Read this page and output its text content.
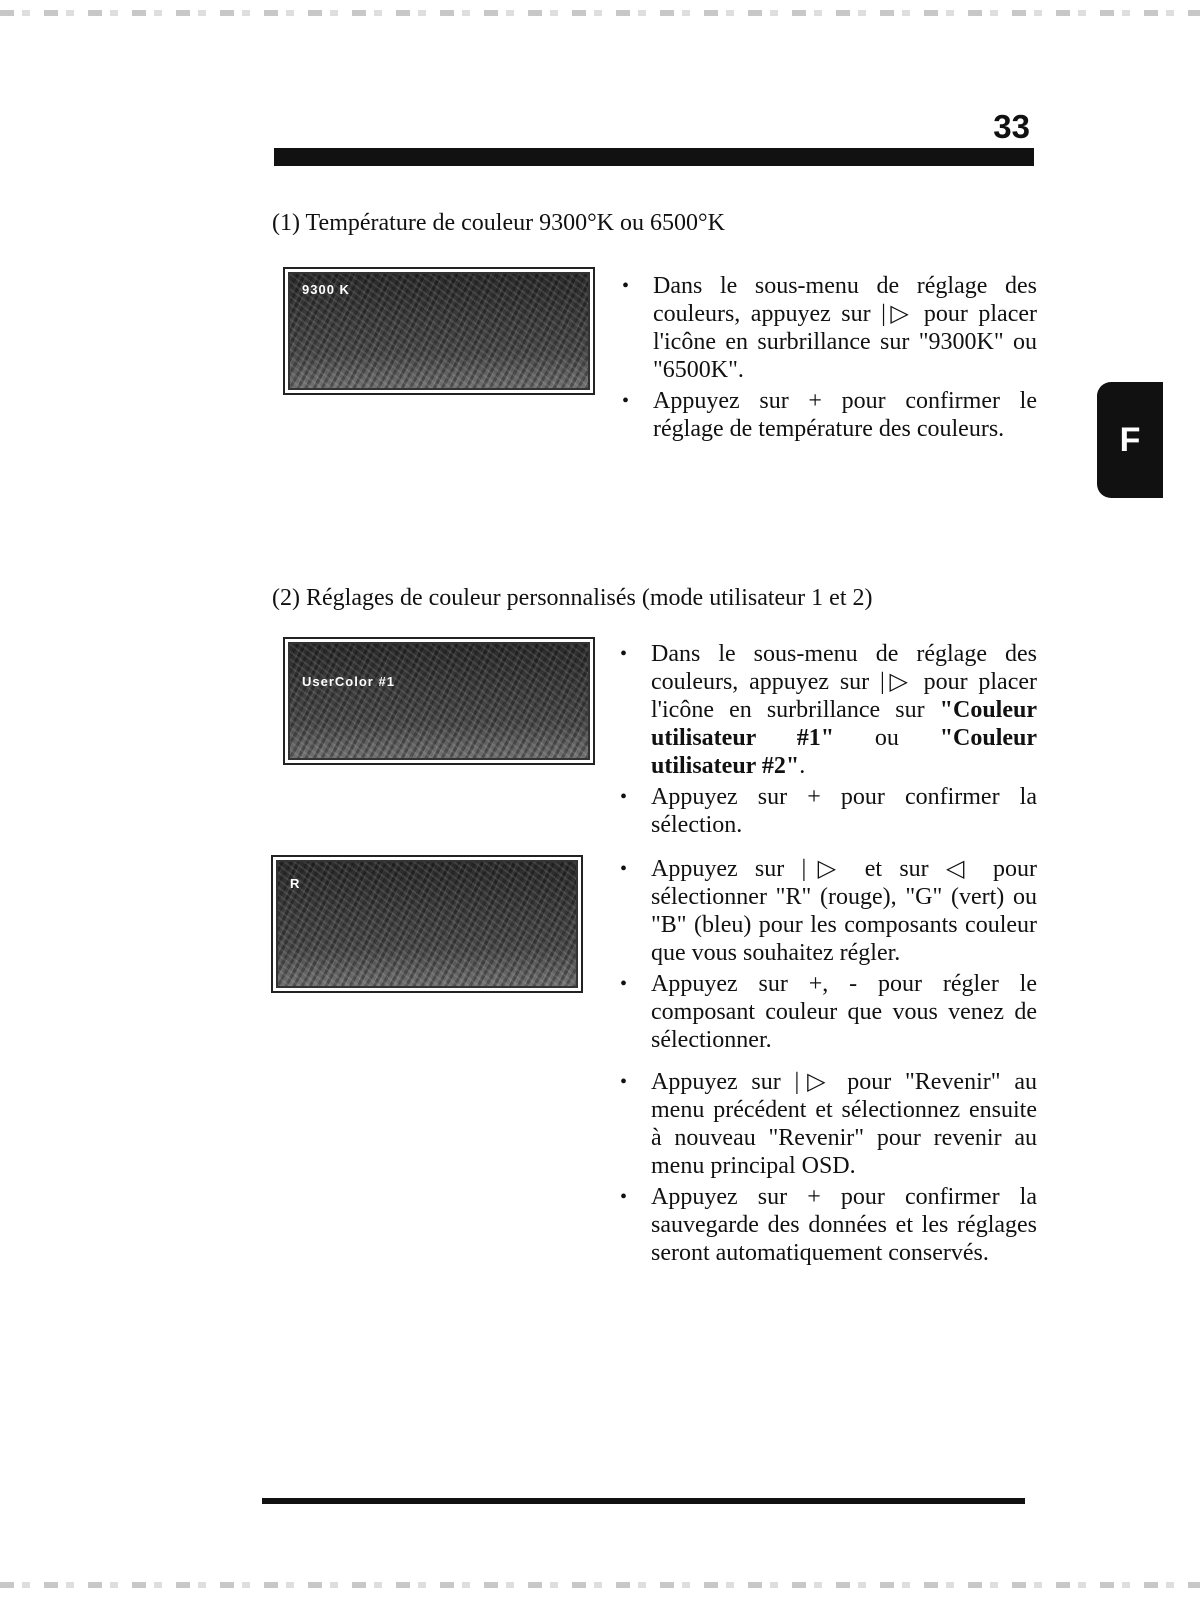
33
F
(1) Température de couleur 9300°K ou 6500°K
9300 K	• Dans le sous-menu de réglage des couleurs, appuyez sur |▷ pour placer l'icône en surbrillance sur "9300K" ou "6500K".
• Appuyez sur + pour confirmer le réglage de température des couleurs.
(2) Réglages de couleur personnalisés (mode utilisateur 1 et 2)
UserColor #1
R
• Dans le sous-menu de réglage des couleurs, appuyez sur |▷ pour placer l'icône en surbrillance sur "Couleur utilisateur #1" ou "Couleur utilisateur #2".
• Appuyez sur + pour confirmer la sélection.
• Appuyez sur |▷ et sur ◁ pour sélectionner "R" (rouge), "G" (vert) ou "B" (bleu) pour les composants couleur que vous souhaitez régler.
• Appuyez sur +, - pour régler le composant couleur que vous venez de sélectionner.
• Appuyez sur |▷ pour "Revenir" au menu précédent et sélectionnez ensuite à nouveau "Revenir" pour revenir au menu principal OSD.
• Appuyez sur + pour confirmer la sauvegarde des données et les réglages seront automatiquement conservés.
